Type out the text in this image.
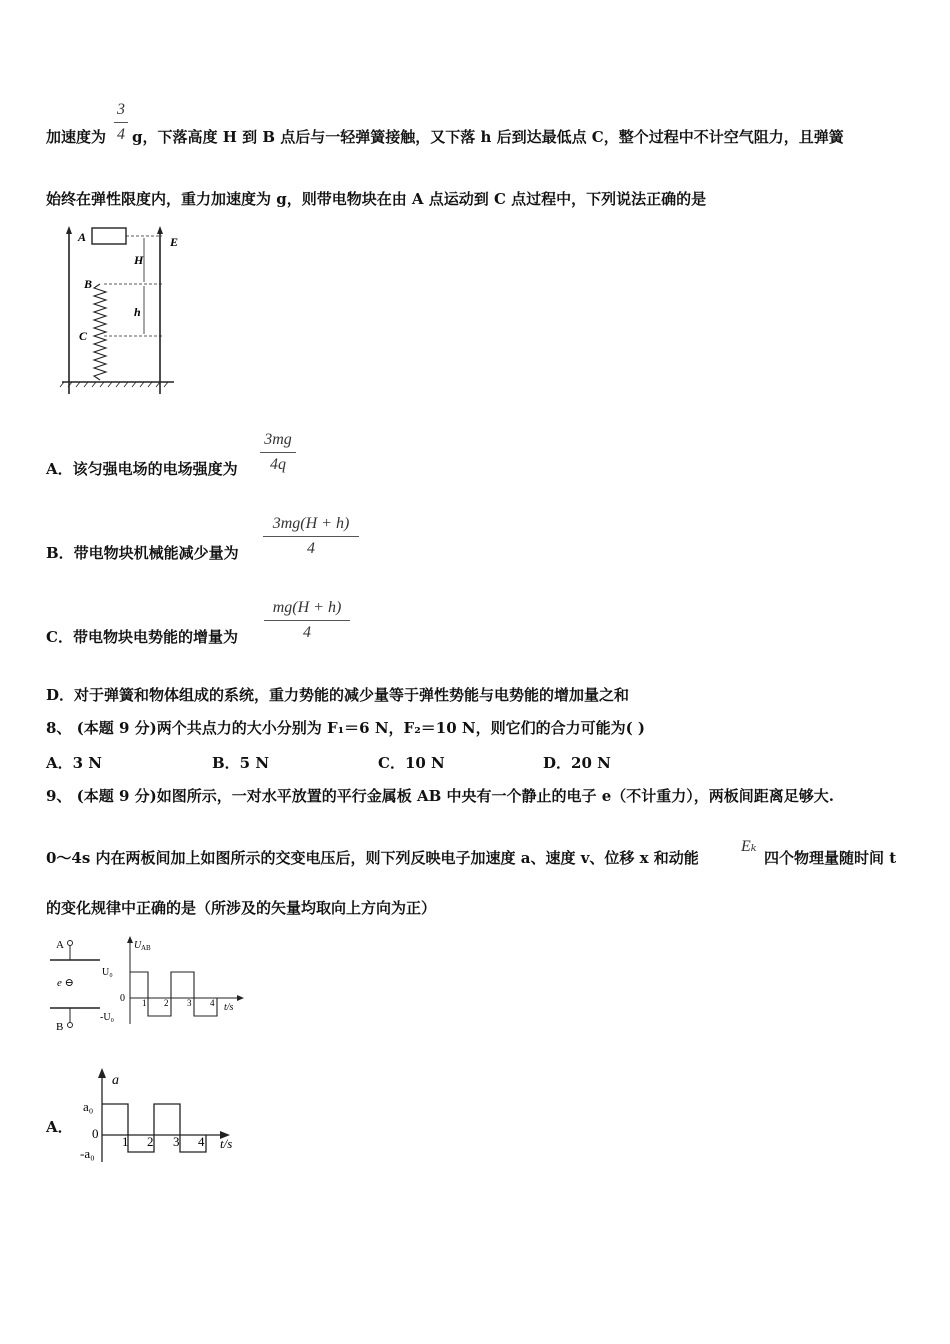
3
4
加速度为 g，下落高度 H 到 B 点后与一轻弹簧接触，又下落 h 后到达最低点 C，整个过程中不计空气阻力，且弹簧
始终在弹性限度内，重力加速度为 g，则带电物块在由 A 点运动到 C 点过程中，下列说法正确的是
A	E
H
h
B
C
A．该匀强电场的电场强度为
3mg
4q
B．带电物块机械能减少量为
3mg(H + h)
4
C．带电物块电势能的增量为
mg(H + h)
4
D．对于弹簧和物体组成的系统，重力势能的减少量等于弹性势能与电势能的增加量之和
8、 (本题 9 分)两个共点力的大小分别为 F₁＝6 N，F₂＝10 N，则它们的合力可能为( )
A．3 N	B．5 N	C．10 N	D．20 N
9、 (本题 9 分)如图所示，一对水平放置的平行金属板 AB 中央有一个静止的电子 e（不计重力），两板间距离足够大.
0～4s 内在两板间加上如图所示的交变电压后，则下列反映电子加速度 a、速度 v、位移 x 和动能
Eₖ
四个物理量随时间 t
的变化规律中正确的是（所涉及的矢量均取向上方向为正）
A
e ⊖
B
U AB
U₀
0
-U₀
1 2 3 4 t/s
A．
a
a₀
0
-a₀
1 2 3 4 t/s
